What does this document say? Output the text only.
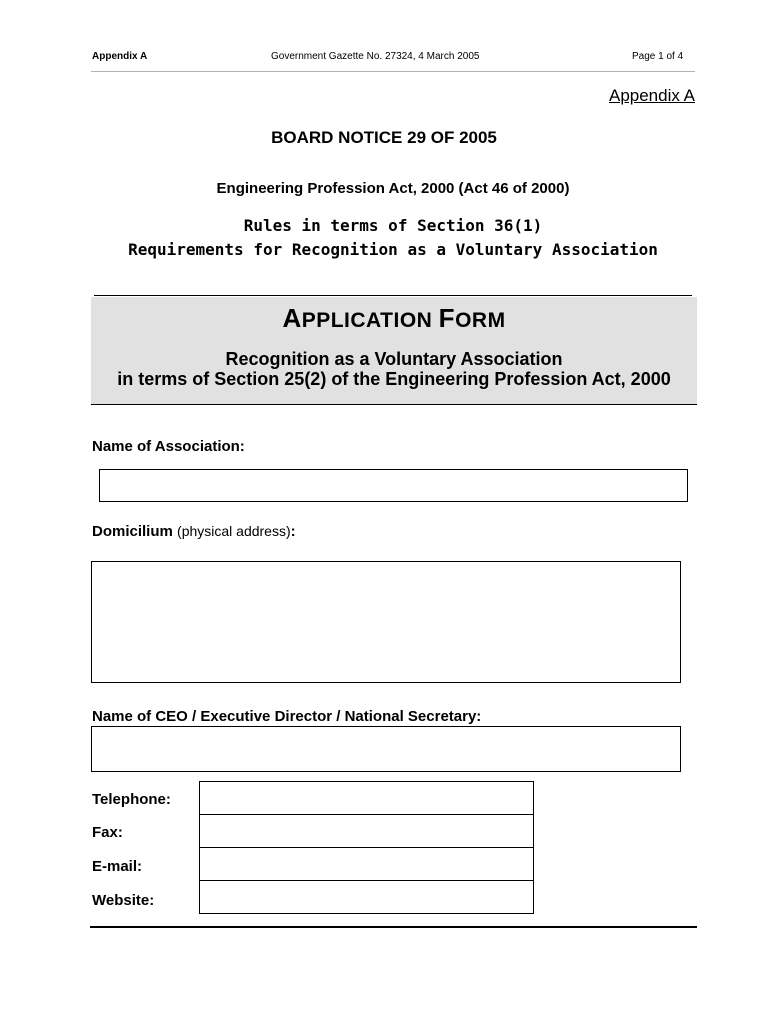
Appendix A	Government Gazette No. 27324, 4 March 2005	Page 1 of 4
Appendix A
BOARD NOTICE 29 OF 2005
Engineering Profession Act, 2000 (Act 46 of 2000)
Rules in terms of Section 36(1)
Requirements for Recognition as a Voluntary Association
APPLICATION FORM
Recognition as a Voluntary Association
in terms of Section 25(2) of the Engineering Profession Act, 2000
Name of Association:
Domicilium (physical address):
Name of CEO / Executive Director / National Secretary:
Telephone:
Fax:
E-mail:
Website:
